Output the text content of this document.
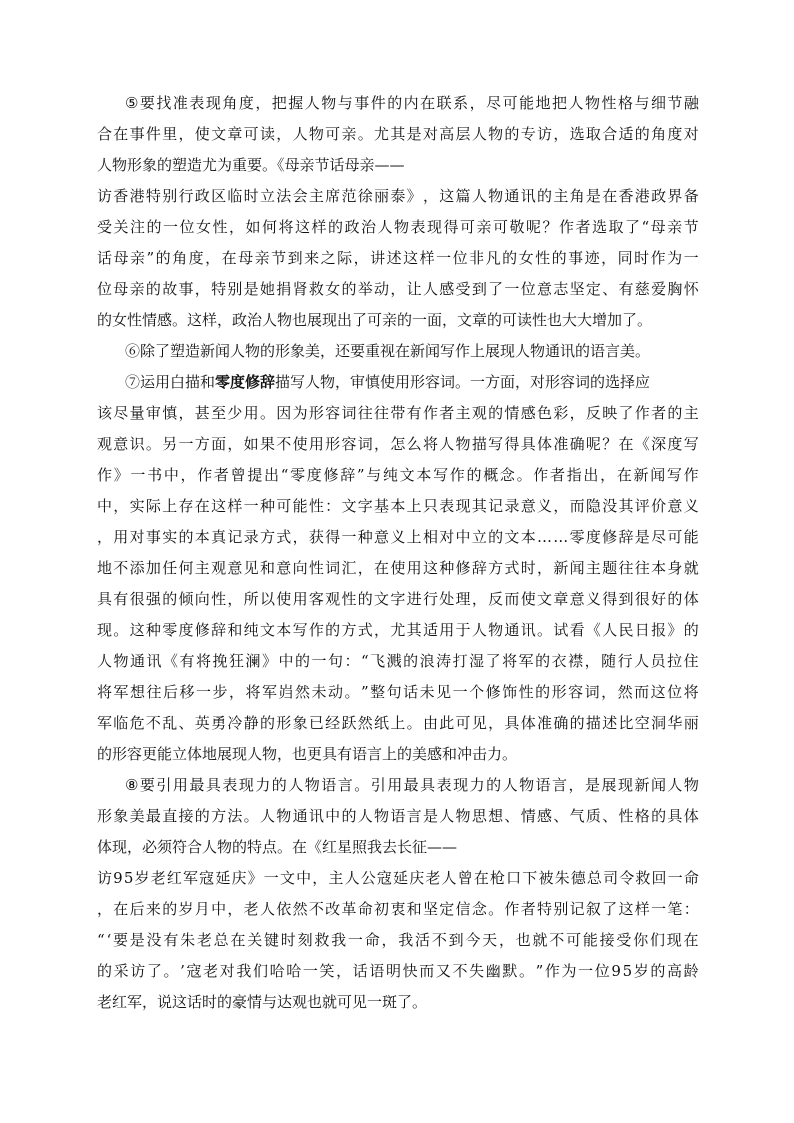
⑤ 要 找 准 表 现 角 度 ， 把 握 人 物 与 事 件 的 内 在 联 系 ， 尽 可 能 地 把 人 物 性 格 与 细 节 融
合 在 事 件 里 ， 使 文 章 可 读 ， 人 物 可 亲 。 尤 其 是 对 高 层 人 物 的 专 访 ， 选 取 合 适 的 角 度 对
人物形象的塑造尤为重要。《母亲节话母亲——
访 香 港 特 别 行 政 区 临 时 立 法 会 主 席 范 徐 丽 泰 》 ， 这 篇 人 物 通 讯 的 主 角 是 在 香 港 政 界 备
受 关 注 的 一 位 女 性 ， 如 何 将 这 样 的 政 治 人 物 表 现 得 可 亲 可 敬 呢 ？ 作 者 选 取 了 “ 母 亲 节
话 母 亲 ” 的 角 度 ， 在 母 亲 节 到 来 之 际 ， 讲 述 这 样 一 位 非 凡 的 女 性 的 事 迹 ， 同 时 作 为 一
位 母 亲 的 故 事 ， 特 别 是 她 捐 肾 救 女 的 举 动 ， 让 人 感 受 到 了 一 位 意 志 坚 定 、 有 慈 爱 胸 怀
的女性情感。这样，政治人物也展现出了可亲的一面，文章的可读性也大大增加了。
⑥除了塑造新闻人物的形象美，还要重视在新闻写作上展现人物通讯的语言美。
⑦运用白描和零度修辞描写人物，审慎使用形容词。一方面，对形容词的选择应
该 尽 量 审 慎 ， 甚 至 少 用 。 因 为 形 容 词 往 往 带 有 作 者 主 观 的 情 感 色 彩 ， 反 映 了 作 者 的 主
观 意 识 。 另 一 方 面 ， 如 果 不 使 用 形 容 词 ， 怎 么 将 人 物 描 写 得 具 体 准 确 呢 ？ 在 《 深 度 写
作 》 一 书 中 ， 作 者 曾 提 出 “ 零 度 修 辞 ” 与 纯 文 本 写 作 的 概 念 。 作 者 指 出 ， 在 新 闻 写 作
中 ， 实 际 上 存 在 这 样 一 种 可 能 性 ： 文 字 基 本 上 只 表 现 其 记 录 意 义 ， 而 隐 没 其 评 价 意 义
， 用 对 事 实 的 本 真 记 录 方 式 ， 获 得 一 种 意 义 上 相 对 中 立 的 文 本 … … 零 度 修 辞 是 尽 可 能
地 不 添 加 任 何 主 观 意 见 和 意 向 性 词 汇 ， 在 使 用 这 种 修 辞 方 式 时 ， 新 闻 主 题 往 往 本 身 就
具 有 很 强 的 倾 向 性 ， 所 以 使 用 客 观 性 的 文 字 进 行 处 理 ， 反 而 使 文 章 意 义 得 到 很 好 的 体
现 。 这 种 零 度 修 辞 和 纯 文 本 写 作 的 方 式 ， 尤 其 适 用 于 人 物 通 讯 。 试 看 《 人 民 日 报 》 的
人 物 通 讯 《 有 将 挽 狂 澜 》 中 的 一 句 ： “ 飞 溅 的 浪 涛 打 湿 了 将 军 的 衣 襟 ， 随 行 人 员 拉 住
将 军 想 往 后 移 一 步 ， 将 军 岿 然 未 动 。 ” 整 句 话 未 见 一 个 修 饰 性 的 形 容 词 ， 然 而 这 位 将
军 临 危 不 乱 、 英 勇 冷 静 的 形 象 已 经 跃 然 纸 上 。 由 此 可 见 ， 具 体 准 确 的 描 述 比 空 洞 华 丽
的形容更能立体地展现人物，也更具有语言上的美感和冲击力。
⑧ 要 引 用 最 具 表 现 力 的 人 物 语 言 。 引 用 最 具 表 现 力 的 人 物 语 言 ， 是 展 现 新 闻 人 物
形 象 美 最 直 接 的 方 法 。 人 物 通 讯 中 的 人 物 语 言 是 人 物 思 想 、 情 感 、 气 质 、 性 格 的 具 体
体现，必须符合人物的特点。在《红星照我去长征——
访 9 5 岁 老 红 军 寇 延 庆 》 一 文 中 ， 主 人 公 寇 延 庆 老 人 曾 在 枪 口 下 被 朱 德 总 司 令 救 回 一 命
， 在 后 来 的 岁 月 中 ， 老 人 依 然 不 改 革 命 初 衷 和 坚 定 信 念 。 作 者 特 别 记 叙 了 这 样 一 笔 ：
“ ‘ 要 是 没 有 朱 老 总 在 关 键 时 刻 救 我 一 命 ， 我 活 不 到 今 天 ， 也 就 不 可 能 接 受 你 们 现 在
的 采 访 了 。 ’ 寇 老 对 我 们 哈 哈 一 笑 ， 话 语 明 快 而 又 不 失 幽 默 。 ” 作 为 一 位 9 5 岁 的 高 龄
老红军，说这话时的豪情与达观也就可见一斑了。
